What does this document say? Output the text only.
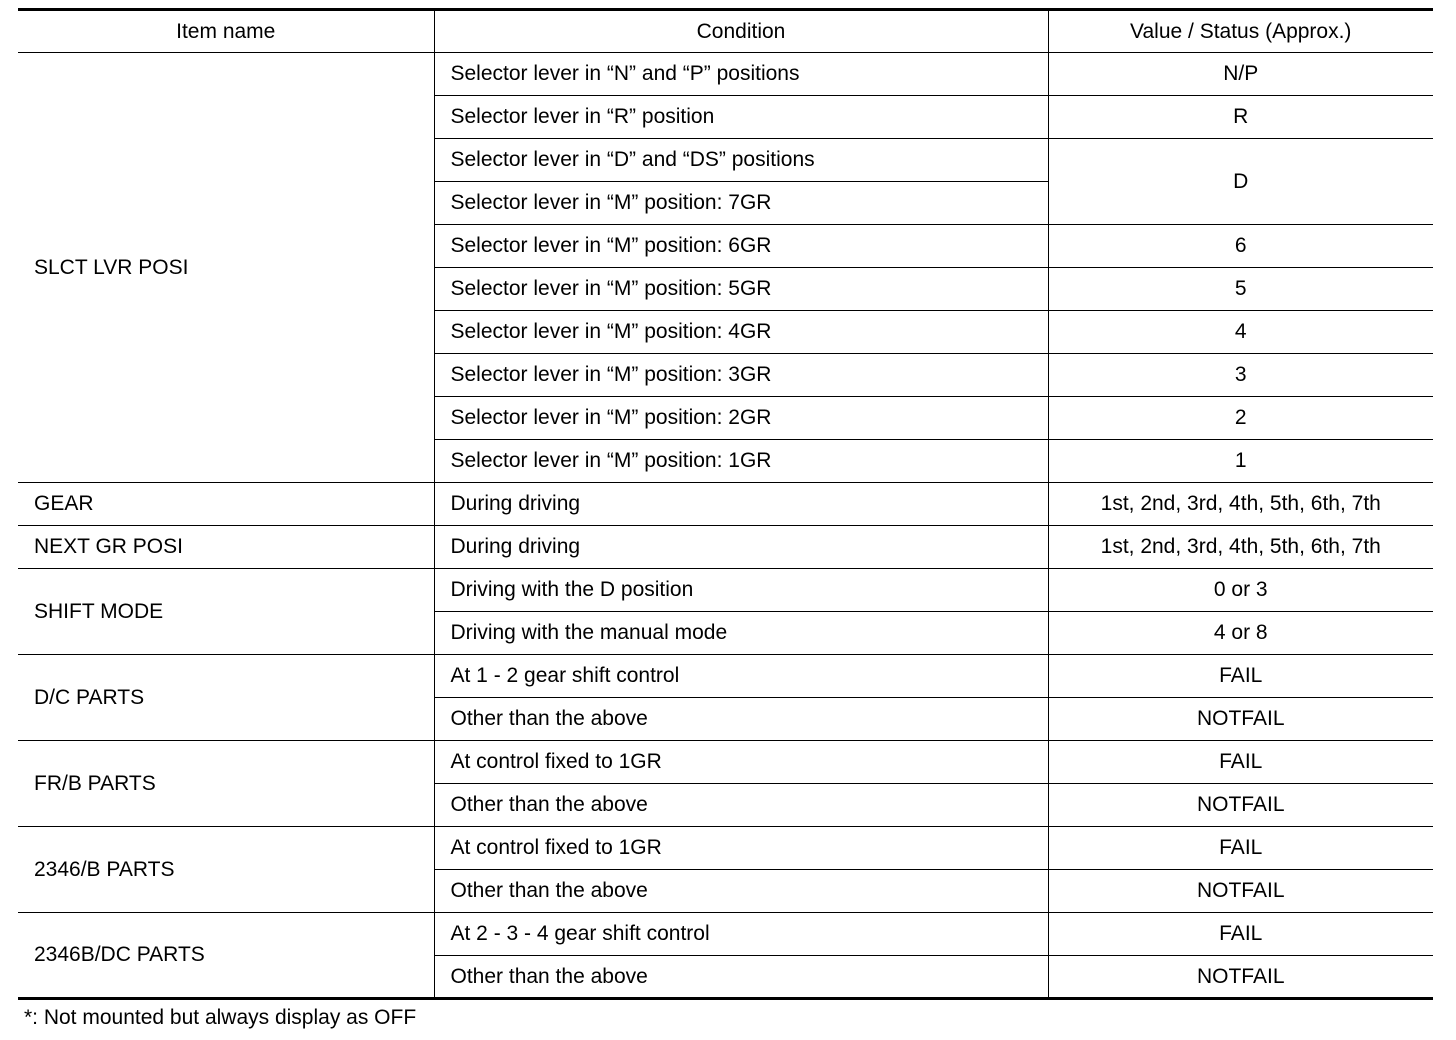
Item name	Condition	Value / Status (Approx.)
SLCT LVR POSI	Selector lever in “N” and “P” positions	N/P
	Selector lever in “R” position	R
	Selector lever in “D” and “DS” positions	D
	Selector lever in “M” position: 7GR	
	Selector lever in “M” position: 6GR	6
	Selector lever in “M” position: 5GR	5
	Selector lever in “M” position: 4GR	4
	Selector lever in “M” position: 3GR	3
	Selector lever in “M” position: 2GR	2
	Selector lever in “M” position: 1GR	1
GEAR	During driving	1st, 2nd, 3rd, 4th, 5th, 6th, 7th
NEXT GR POSI	During driving	1st, 2nd, 3rd, 4th, 5th, 6th, 7th
SHIFT MODE	Driving with the D position	0 or 3
	Driving with the manual mode	4 or 8
D/C PARTS	At 1 - 2 gear shift control	FAIL
	Other than the above	NOTFAIL
FR/B PARTS	At control fixed to 1GR	FAIL
	Other than the above	NOTFAIL
2346/B PARTS	At control fixed to 1GR	FAIL
	Other than the above	NOTFAIL
2346B/DC PARTS	At 2 - 3 - 4 gear shift control	FAIL
	Other than the above	NOTFAIL
*: Not mounted but always display as OFF
